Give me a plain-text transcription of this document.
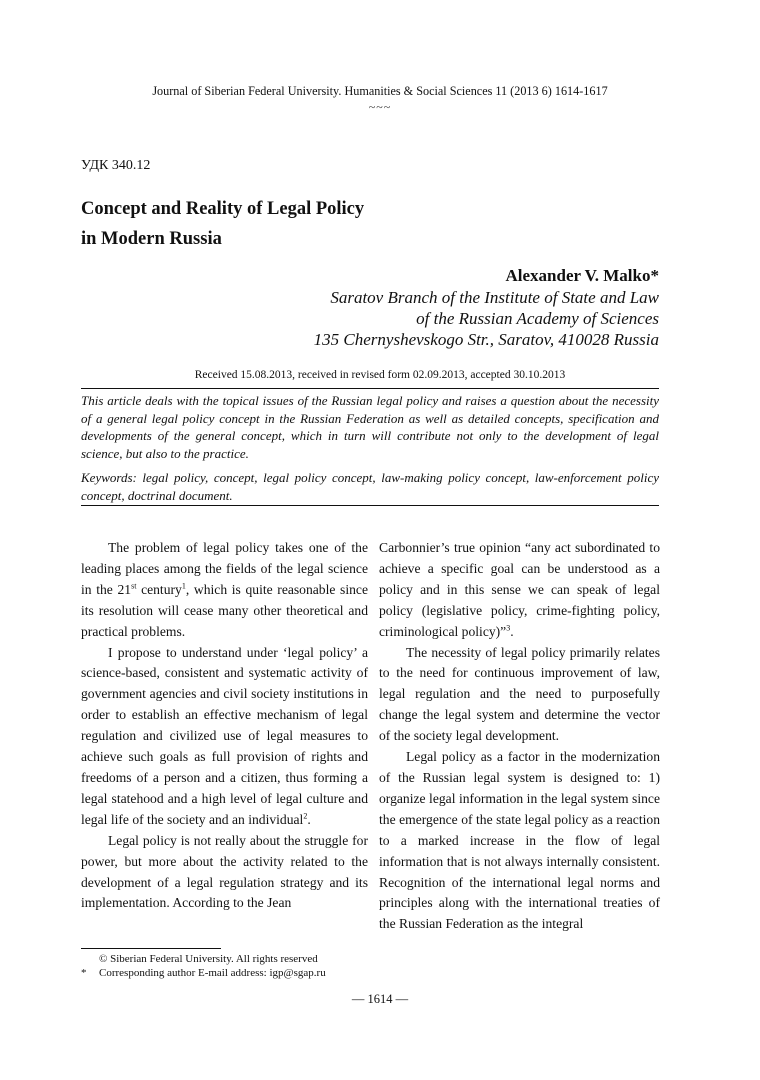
Journal of Siberian Federal University. Humanities & Social Sciences 11 (2013 6) 1614-1617
~~~
УДК 340.12
Concept and Reality of Legal Policy
in Modern Russia
Alexander V. Malko*
Saratov Branch of the Institute of State and Law
of the Russian Academy of Sciences
135 Chernyshevskogo Str., Saratov, 410028 Russia
Received 15.08.2013, received in revised form 02.09.2013, accepted 30.10.2013
This article deals with the topical issues of the Russian legal policy and raises a question about the necessity of a general legal policy concept in the Russian Federation as well as detailed concepts, specification and developments of the general concept, which in turn will contribute not only to the development of legal science, but also to the practice.
Keywords: legal policy, concept, legal policy concept, law-making policy concept, law-enforcement policy concept, doctrinal document.

The problem of legal policy takes one of the leading places among the fields of the legal science in the 21st century$^1$, which is quite reasonable since its resolution will cease many other theoretical and practical problems.

I propose to understand under ‘legal policy’ a science-based, consistent and systematic activity of government agencies and civil society institutions in order to establish an effective mechanism of legal regulation and civilized use of legal measures to achieve such goals as full provision of rights and freedoms of a person and a citizen, thus forming a legal statehood and a high level of legal culture and legal life of the society and an individual$^2$.

Legal policy is not really about the struggle for power, but more about the activity related to the development of a legal regulation strategy and its implementation. According to the Jean

Carbonnier’s true opinion “any act subordinated to achieve a specific goal can be understood as a policy and in this sense we can speak of legal policy (legislative policy, crime-fighting policy, criminological policy)”$^3$.

The necessity of legal policy primarily relates to the need for continuous improvement of law, legal regulation and the need to purposefully change the legal system and determine the vector of the society legal development.

Legal policy as a factor in the modernization of the Russian legal system is designed to: 1) organize legal information in the legal system since the emergence of the state legal policy as a reaction to a marked increase in the flow of legal information that is not always internally consistent. Recognition of the international legal norms and principles along with the international treaties of the Russian Federation as the integral

© Siberian Federal University. All rights reserved
* Corresponding author E-mail address: igp@sgap.ru
— 1614 —
